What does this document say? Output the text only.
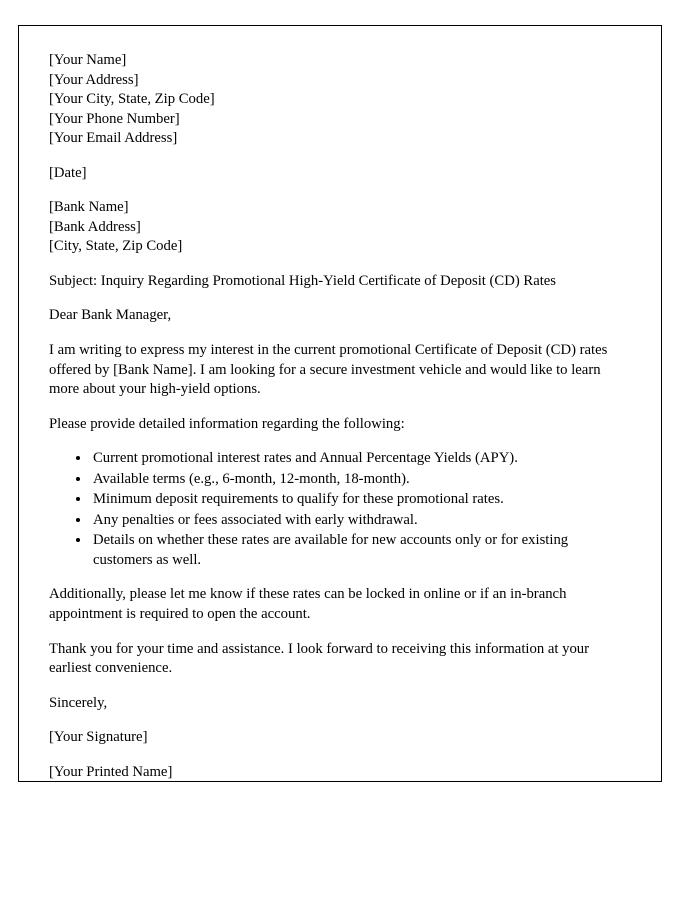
[Your Name]
[Your Address]
[Your City, State, Zip Code]
[Your Phone Number]
[Your Email Address]
[Date]
[Bank Name]
[Bank Address]
[City, State, Zip Code]

Subject: Inquiry Regarding Promotional High-Yield Certificate of Deposit (CD) Rates

Dear Bank Manager,

I am writing to express my interest in the current promotional Certificate of Deposit (CD) rates offered by [Bank Name]. I am looking for a secure investment vehicle and would like to learn more about your high-yield options.

Please provide detailed information regarding the following:

• Current promotional interest rates and Annual Percentage Yields (APY).
• Available terms (e.g., 6-month, 12-month, 18-month).
• Minimum deposit requirements to qualify for these promotional rates.
• Any penalties or fees associated with early withdrawal.
• Details on whether these rates are available for new accounts only or for existing customers as well.

Additionally, please let me know if these rates can be locked in online or if an in-branch appointment is required to open the account.

Thank you for your time and assistance. I look forward to receiving this information at your earliest convenience.

Sincerely,

[Your Signature]

[Your Printed Name]
